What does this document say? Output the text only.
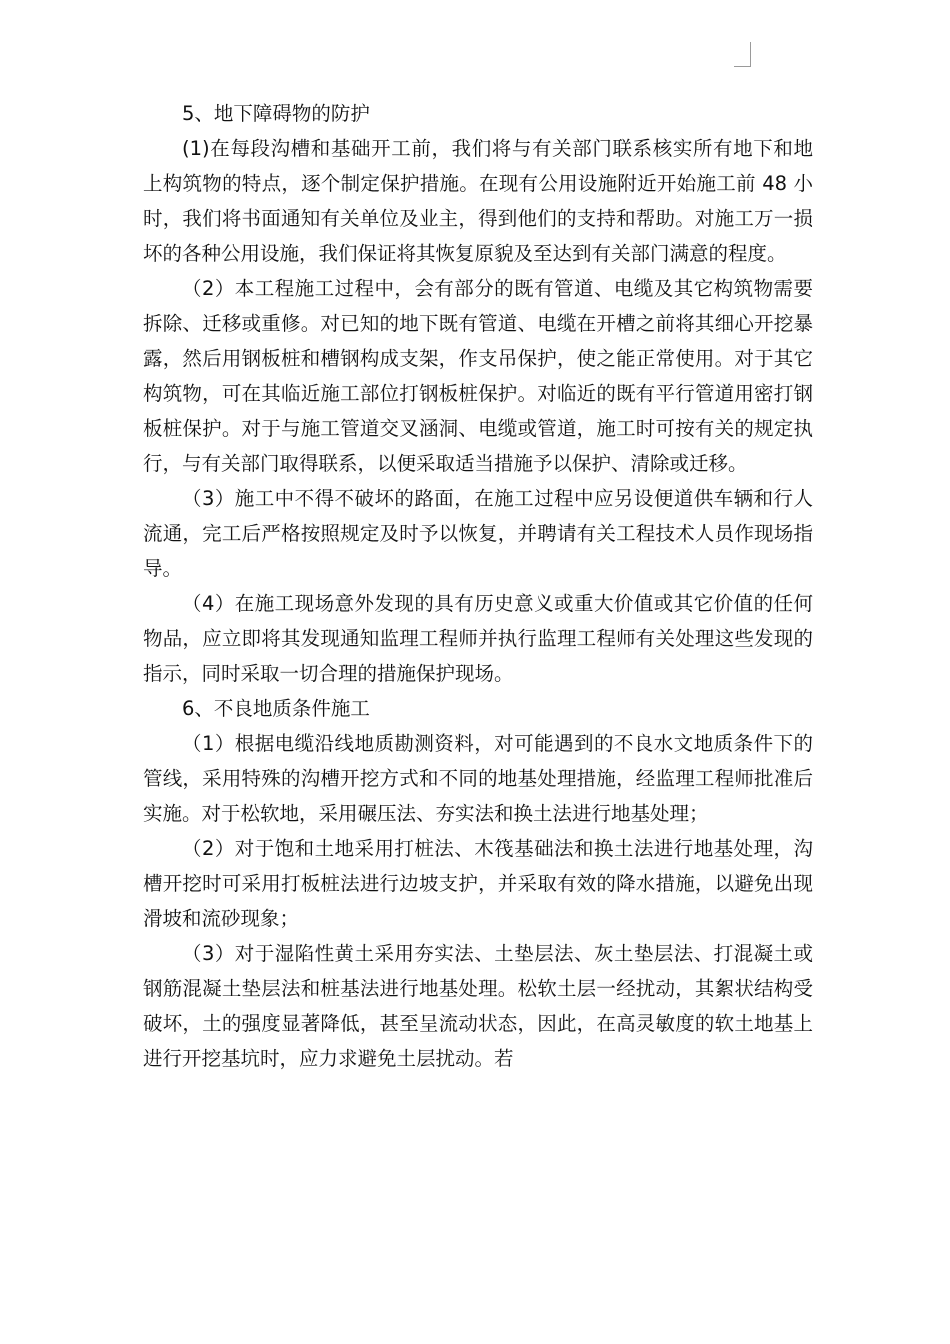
5、地下障碍物的防护

(1)在每段沟槽和基础开工前，我们将与有关部门联系核实所有地下和地上构筑物的特点，逐个制定保护措施。在现有公用设施附近开始施工前 48 小时，我们将书面通知有关单位及业主，得到他们的支持和帮助。对施工万一损坏的各种公用设施，我们保证将其恢复原貌及至达到有关部门满意的程度。

（2）本工程施工过程中，会有部分的既有管道、电缆及其它构筑物需要拆除、迁移或重修。对已知的地下既有管道、电缆在开槽之前将其细心开挖暴露，然后用钢板桩和槽钢构成支架，作支吊保护，使之能正常使用。对于其它构筑物，可在其临近施工部位打钢板桩保护。对临近的既有平行管道用密打钢板桩保护。对于与施工管道交叉涵洞、电缆或管道，施工时可按有关的规定执行，与有关部门取得联系，以便采取适当措施予以保护、清除或迁移。

（3）施工中不得不破坏的路面，在施工过程中应另设便道供车辆和行人流通，完工后严格按照规定及时予以恢复，并聘请有关工程技术人员作现场指导。

（4）在施工现场意外发现的具有历史意义或重大价值或其它价值的任何物品，应立即将其发现通知监理工程师并执行监理工程师有关处理这些发现的指示，同时采取一切合理的措施保护现场。

6、不良地质条件施工

（1）根据电缆沿线地质勘测资料，对可能遇到的不良水文地质条件下的管线，采用特殊的沟槽开挖方式和不同的地基处理措施，经监理工程师批准后实施。对于松软地，采用碾压法、夯实法和换土法进行地基处理；

（2）对于饱和土地采用打桩法、木筏基础法和换土法进行地基处理，沟槽开挖时可采用打板桩法进行边坡支护，并采取有效的降水措施，以避免出现滑坡和流砂现象；

（3）对于湿陷性黄土采用夯实法、土垫层法、灰土垫层法、打混凝土或钢筋混凝土垫层法和桩基法进行地基处理。松软土层一经扰动，其絮状结构受破坏，土的强度显著降低，甚至呈流动状态，因此，在高灵敏度的软土地基上进行开挖基坑时，应力求避免土层扰动。若
